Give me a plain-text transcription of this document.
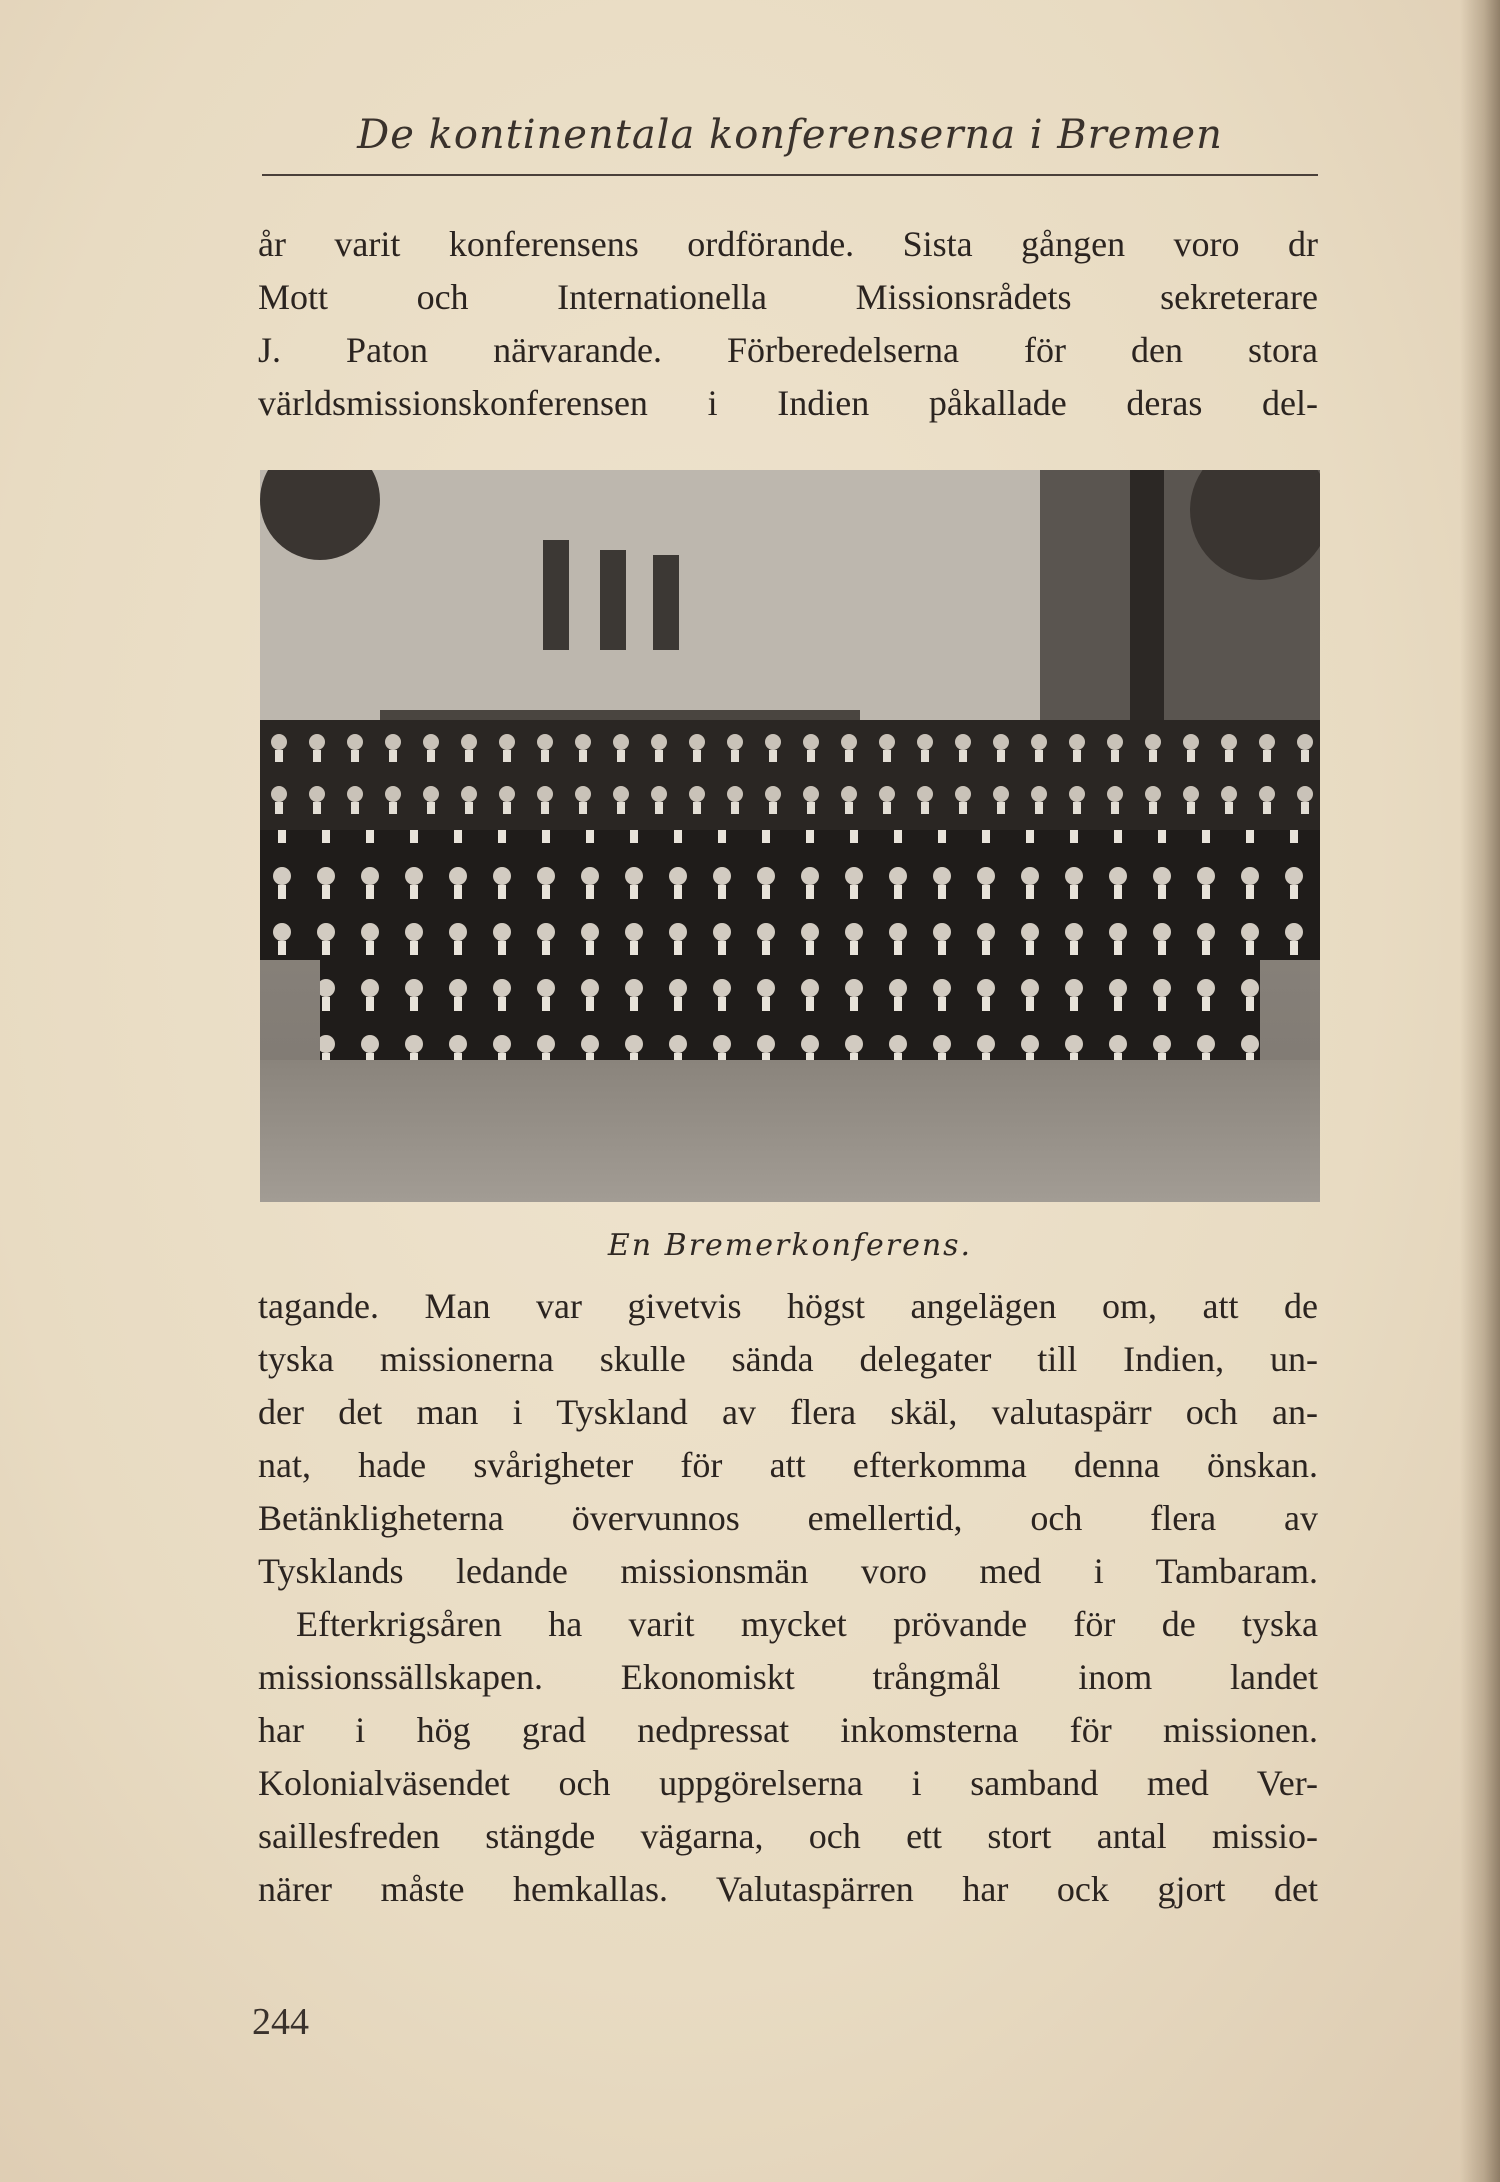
De kontinentala konferenserna i Bremen
år varit konferensens ordförande. Sista gången voro dr
Mott och Internationella Missionsrådets sekreterare
J. Paton närvarande. Förberedelserna för den stora
världsmissionskonferensen i Indien påkallade deras del-
En Bremerkonferens.
tagande. Man var givetvis högst angelägen om, att de
tyska missionerna skulle sända delegater till Indien, un-
der det man i Tyskland av flera skäl, valutaspärr och an-
nat, hade svårigheter för att efterkomma denna önskan.
Betänkligheterna övervunnos emellertid, och flera av
Tysklands ledande missionsmän voro med i Tambaram.
Efterkrigsåren ha varit mycket prövande för de tyska
missionssällskapen. Ekonomiskt trångmål inom landet
har i hög grad nedpressat inkomsterna för missionen.
Kolonialväsendet och uppgörelserna i samband med Ver-
saillesfreden stängde vägarna, och ett stort antal missio-
närer måste hemkallas. Valutaspärren har ock gjort det
244
